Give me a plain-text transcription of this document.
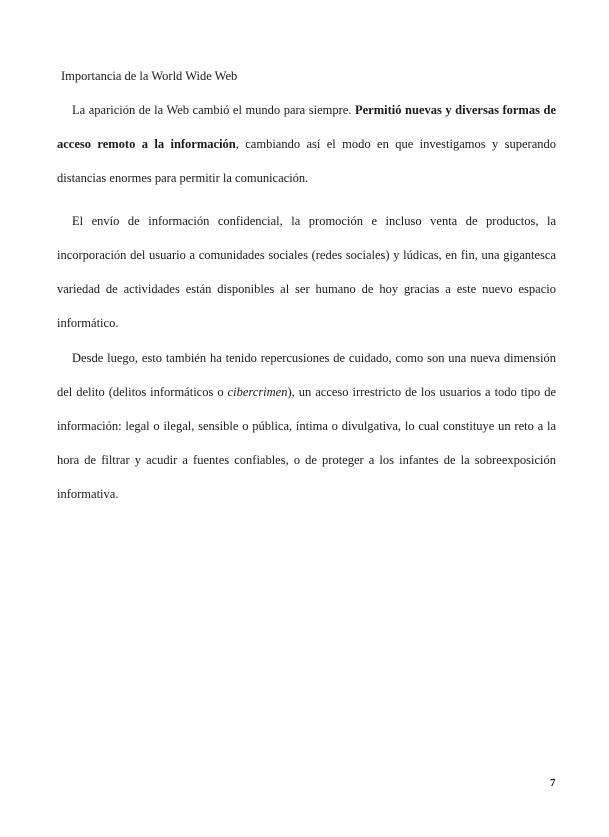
Importancia de la World Wide Web

La aparición de la Web cambió el mundo para siempre. Permitió nuevas y diversas formas de acceso remoto a la información, cambiando así el modo en que investigamos y superando distancias enormes para permitir la comunicación.

El envío de información confidencial, la promoción e incluso venta de productos, la incorporación del usuario a comunidades sociales (redes sociales) y lúdicas, en fin, una gigantesca variedad de actividades están disponibles al ser humano de hoy gracias a este nuevo espacio informático.

Desde luego, esto también ha tenido repercusiones de cuidado, como son una nueva dimensión del delito (delitos informáticos o cibercrimen), un acceso irrestricto de los usuarios a todo tipo de información: legal o ilegal, sensible o pública, íntima o divulgativa, lo cual constituye un reto a la hora de filtrar y acudir a fuentes confiables, o de proteger a los infantes de la sobreexposición informativa.

7
